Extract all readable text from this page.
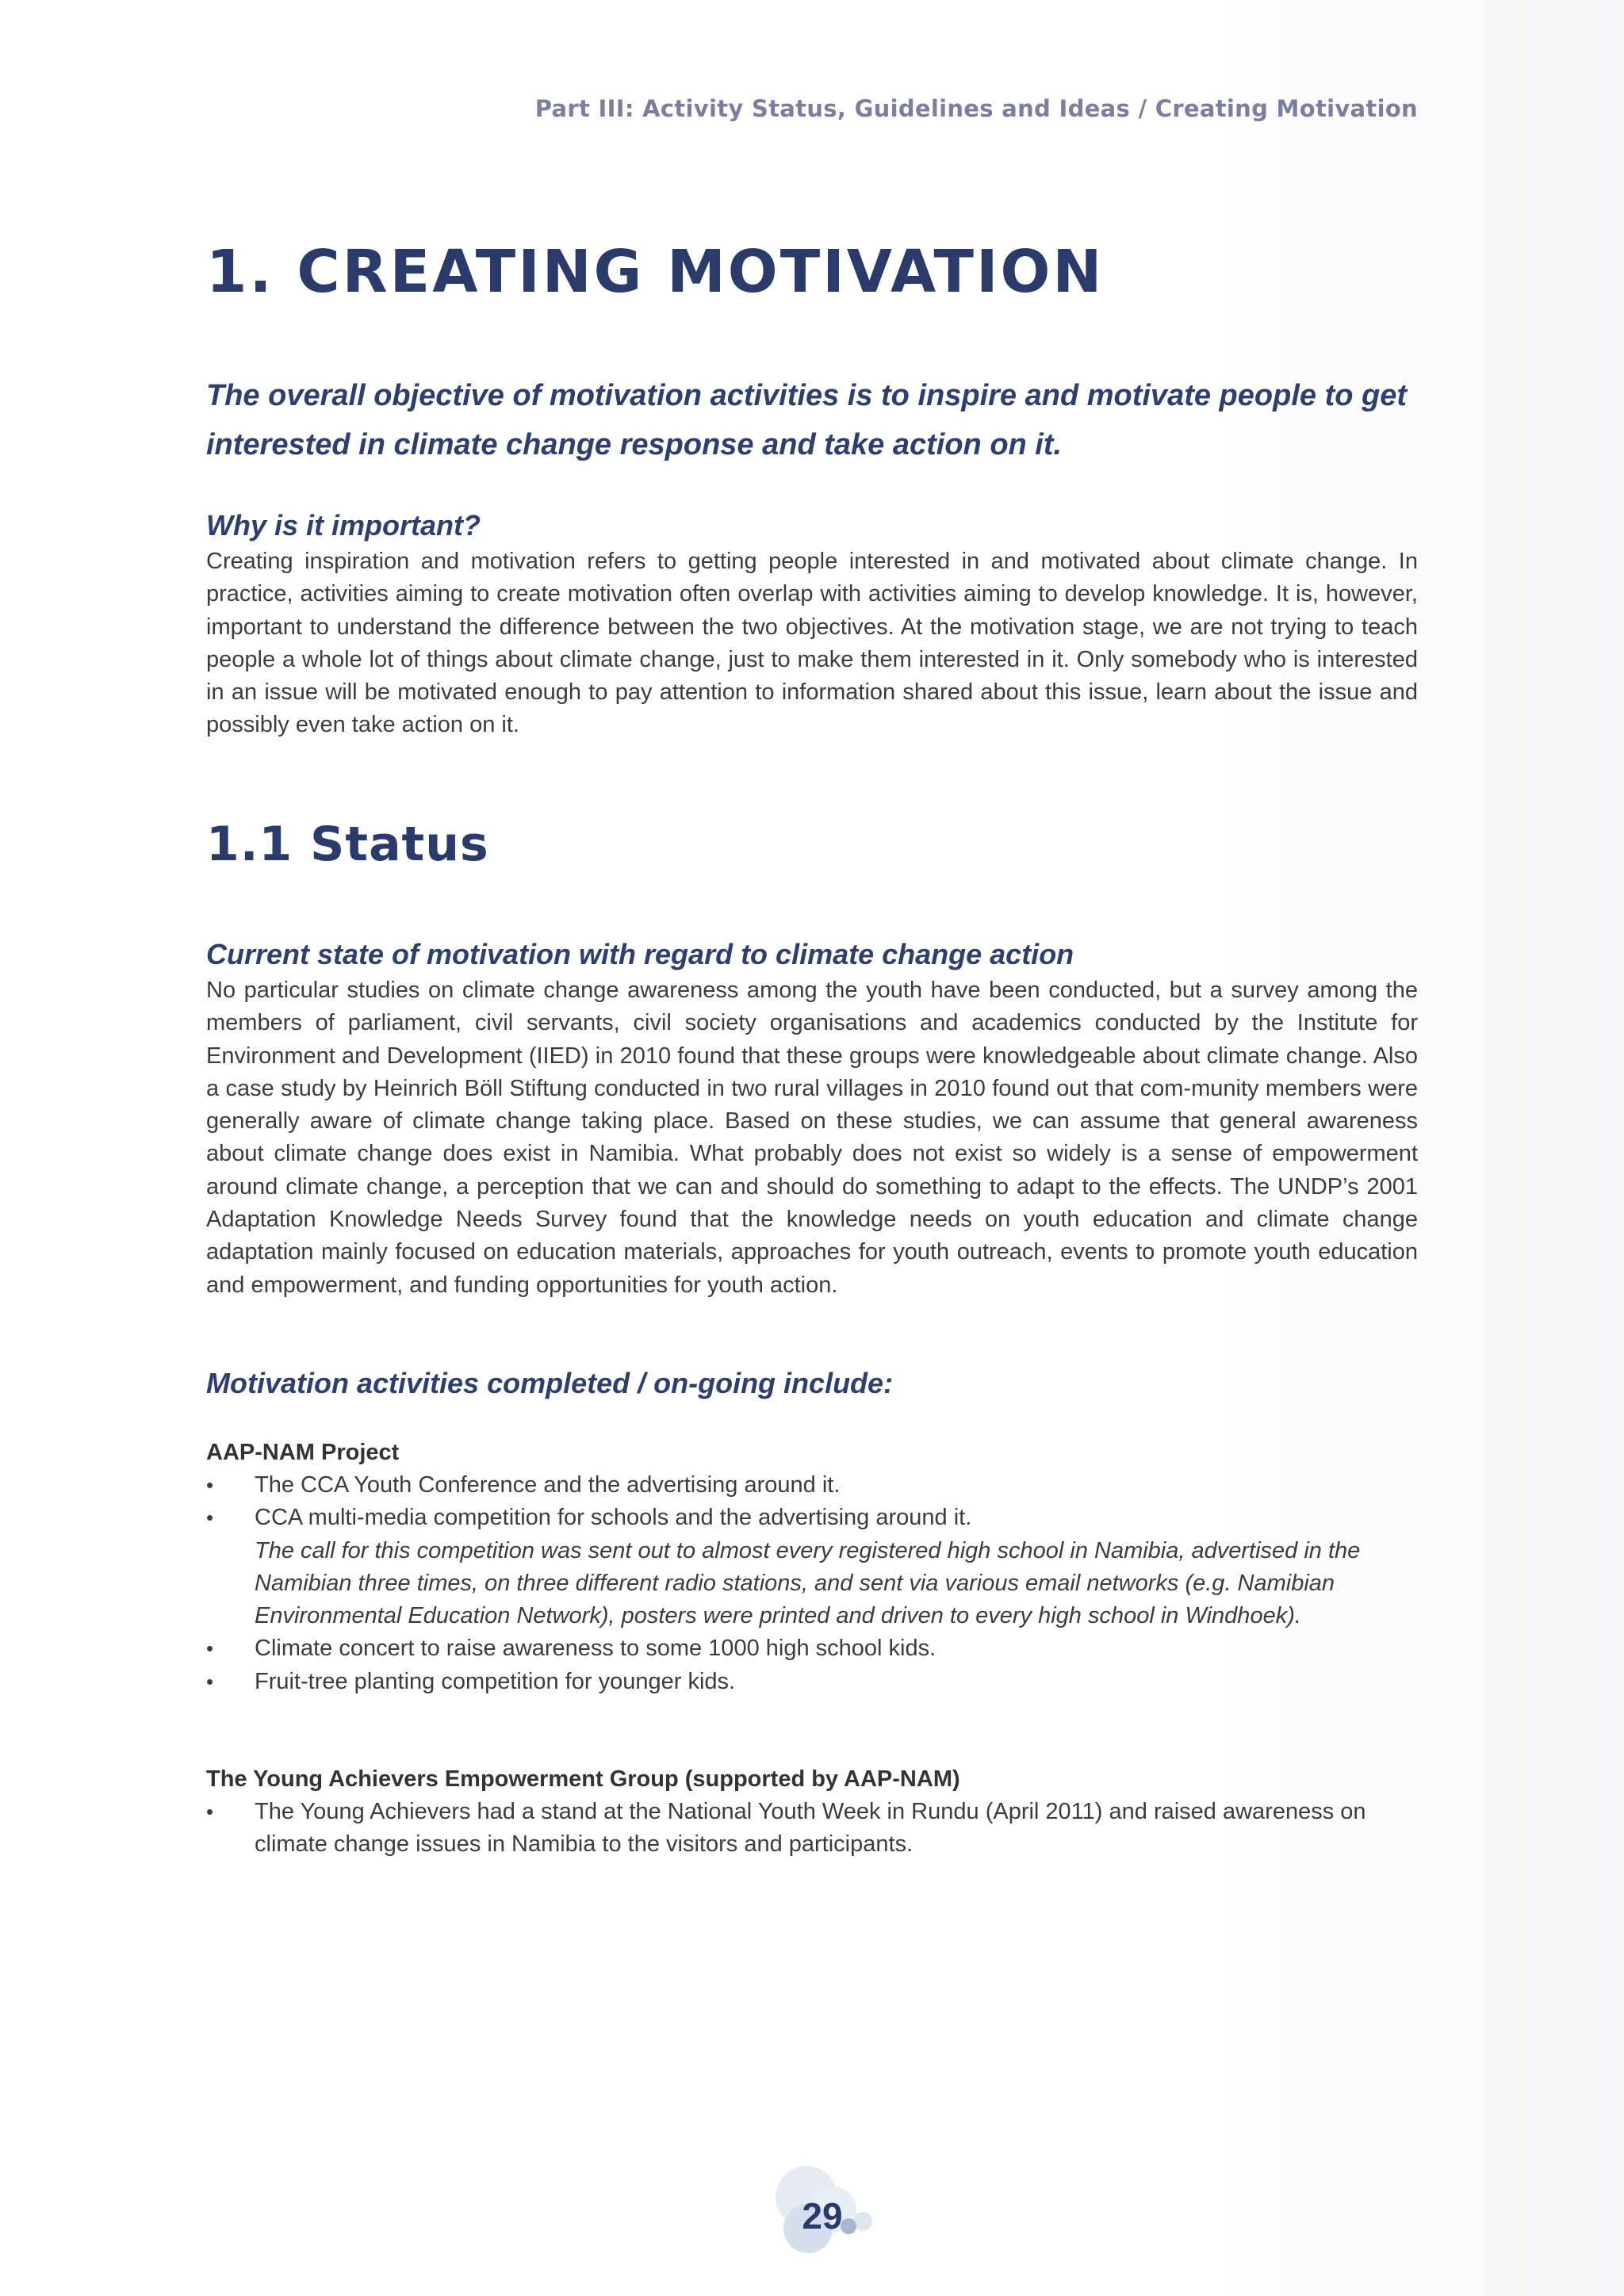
Part III: Activity Status, Guidelines and Ideas / Creating Motivation
1. CREATING MOTIVATION

The overall objective of motivation activities is to inspire and motivate people to get interested in climate change response and take action on it.

Why is it important?

Creating inspiration and motivation refers to getting people interested in and motivated about climate change. In practice, activities aiming to create motivation often overlap with activities aiming to develop knowledge. It is, however, important to understand the difference between the two objectives. At the motivation stage, we are not trying to teach people a whole lot of things about climate change, just to make them interested in it. Only somebody who is interested in an issue will be motivated enough to pay attention to information shared about this issue, learn about the issue and possibly even take action on it.

1.1 Status
Current state of motivation with regard to climate change action

No particular studies on climate change awareness among the youth have been conducted, but a survey among the members of parliament, civil servants, civil society organisations and academics conducted by the Institute for Environment and Development (IIED) in 2010 found that these groups were knowledgeable about climate change. Also a case study by Heinrich Böll Stiftung conducted in two rural villages in 2010 found out that com-munity members were generally aware of climate change taking place. Based on these studies, we can assume that general awareness about climate change does exist in Namibia. What probably does not exist so widely is a sense of empowerment around climate change, a perception that we can and should do something to adapt to the effects. The UNDP’s 2001 Adaptation Knowledge Needs Survey found that the knowledge needs on youth education and climate change adaptation mainly focused on education materials, approaches for youth outreach, events to promote youth education and empowerment, and funding opportunities for youth action.

Motivation activities completed / on-going include:
AAP-NAM Project
• The CCA Youth Conference and the advertising around it.
• CCA multi-media competition for schools and the advertising around it.
The call for this competition was sent out to almost every registered high school in Namibia, advertised in the Namibian three times, on three different radio stations, and sent via various email networks (e.g. Namibian Environmental Education Network), posters were printed and driven to every high school in Windhoek).
• Climate concert to raise awareness to some 1000 high school kids.
• Fruit-tree planting competition for younger kids.
The Young Achievers Empowerment Group (supported by AAP-NAM)
• The Young Achievers had a stand at the National Youth Week in Rundu (April 2011) and raised awareness on climate change issues in Namibia to the visitors and participants.
29
